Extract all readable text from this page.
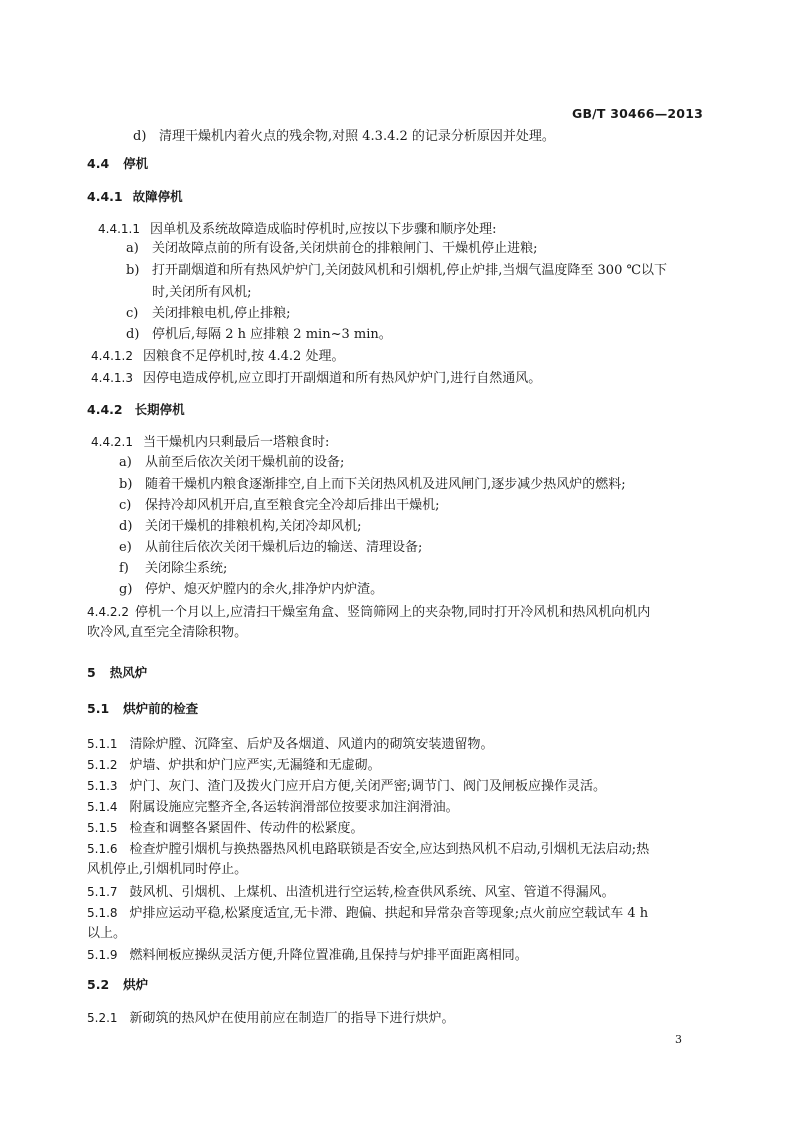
GB/T 30466—2013
d) 清理干燥机内着火点的残余物,对照 4.3.4.2 的记录分析原因并处理。
4.4 停机
4.4.1 故障停机
4.4.1.1 因单机及系统故障造成临时停机时,应按以下步骤和顺序处理:
a) 关闭故障点前的所有设备,关闭烘前仓的排粮闸门、干燥机停止进粮;
b) 打开副烟道和所有热风炉炉门,关闭鼓风机和引烟机,停止炉排,当烟气温度降至 300 ℃以下
时,关闭所有风机;
c) 关闭排粮电机,停止排粮;
d) 停机后,每隔 2 h 应排粮 2 min~3 min。
4.4.1.2 因粮食不足停机时,按 4.4.2 处理。
4.4.1.3 因停电造成停机,应立即打开副烟道和所有热风炉炉门,进行自然通风。
4.4.2 长期停机
4.4.2.1 当干燥机内只剩最后一塔粮食时:
a) 从前至后依次关闭干燥机前的设备;
b) 随着干燥机内粮食逐渐排空,自上而下关闭热风机及进风闸门,逐步减少热风炉的燃料;
c) 保持冷却风机开启,直至粮食完全冷却后排出干燥机;
d) 关闭干燥机的排粮机构,关闭冷却风机;
e) 从前往后依次关闭干燥机后边的输送、清理设备;
f) 关闭除尘系统;
g) 停炉、熄灭炉膛内的余火,排净炉内炉渣。
4.4.2.2 停机一个月以上,应清扫干燥室角盒、竖筒筛网上的夹杂物,同时打开冷风机和热风机向机内
吹冷风,直至完全清除积物。
5 热风炉
5.1 烘炉前的检查
5.1.1 清除炉膛、沉降室、后炉及各烟道、风道内的砌筑安装遗留物。
5.1.2 炉墙、炉拱和炉门应严实,无漏缝和无虚砌。
5.1.3 炉门、灰门、渣门及拨火门应开启方便,关闭严密;调节门、阀门及闸板应操作灵活。
5.1.4 附属设施应完整齐全,各运转润滑部位按要求加注润滑油。
5.1.5 检查和调整各紧固件、传动件的松紧度。
5.1.6 检查炉膛引烟机与换热器热风机电路联锁是否安全,应达到热风机不启动,引烟机无法启动;热
风机停止,引烟机同时停止。
5.1.7 鼓风机、引烟机、上煤机、出渣机进行空运转,检查供风系统、风室、管道不得漏风。
5.1.8 炉排应运动平稳,松紧度适宜,无卡滞、跑偏、拱起和异常杂音等现象;点火前应空载试车 4 h
以上。
5.1.9 燃料闸板应操纵灵活方便,升降位置准确,且保持与炉排平面距离相同。
5.2 烘炉
5.2.1 新砌筑的热风炉在使用前应在制造厂的指导下进行烘炉。
3
